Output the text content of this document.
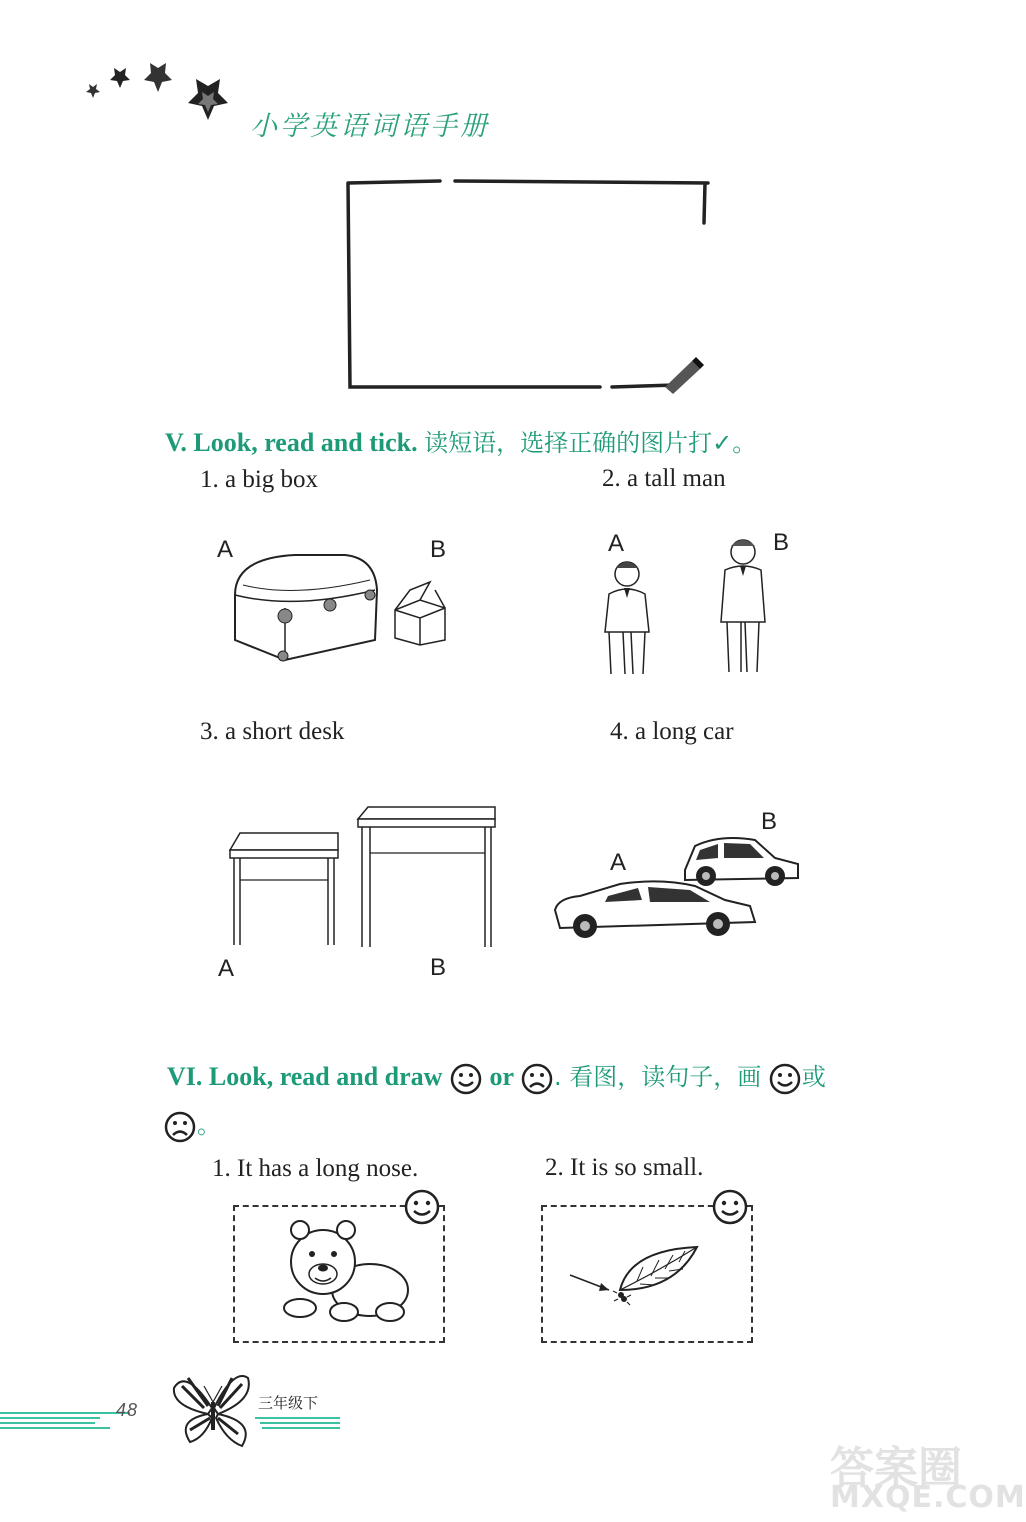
小学英语词语手册
V. Look, read and tick. 读短语，选择正确的图片打✓。
1. a big box
A	B
2. a tall man
A	B
3. a short desk
A	B
4. a long car
B
A
VI. Look, read and draw or . 看图，读句子，画 或
。
1. It has a long nose.	2. It is so small.
48	三年级下
答案圈
MXQE.COM
